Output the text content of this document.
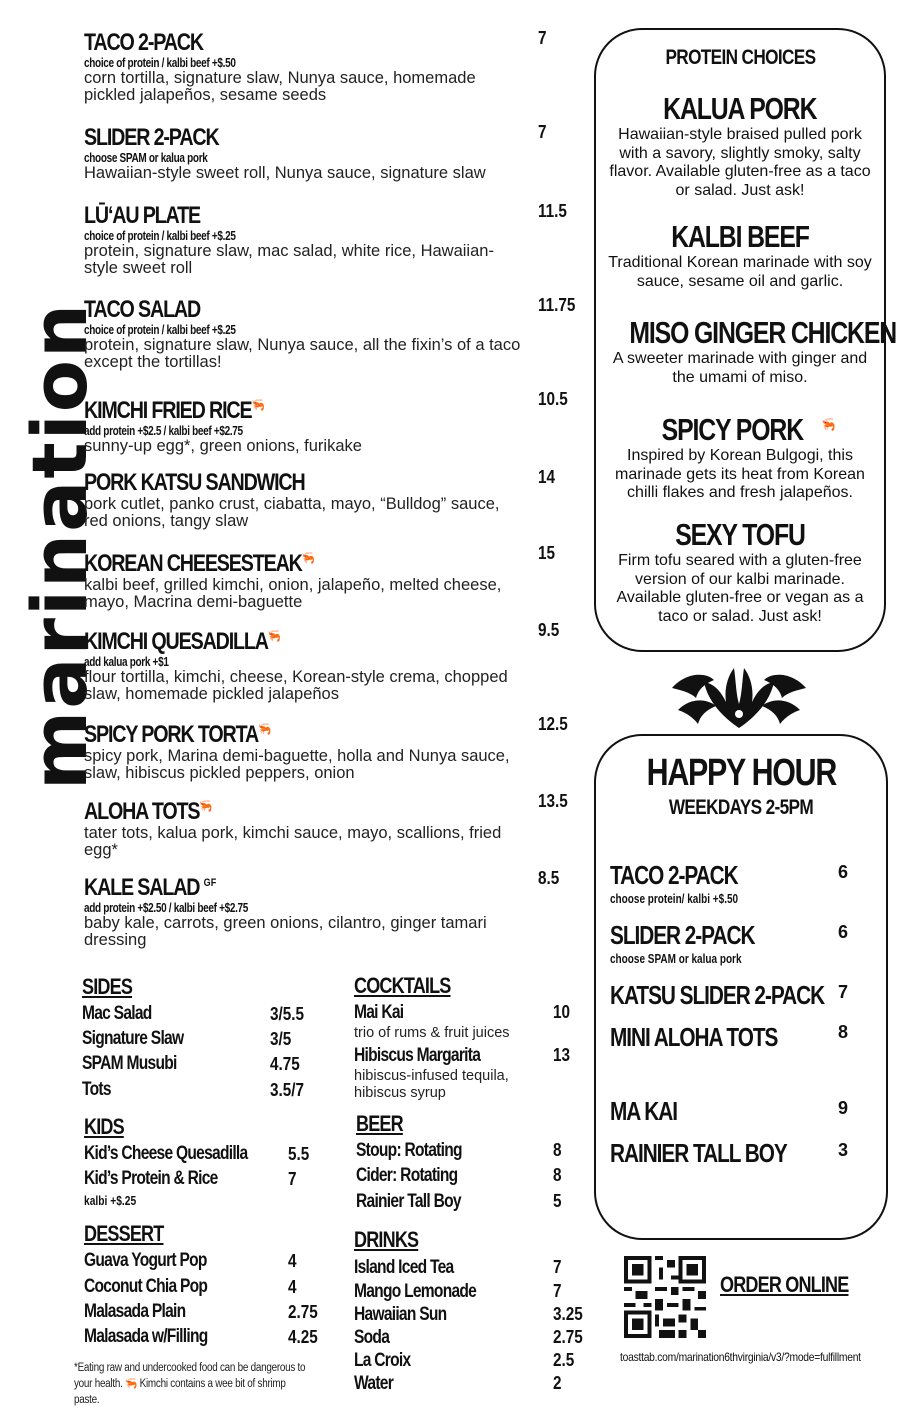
marination
TACO 2-PACK
choice of protein / kalbi beef +$.50
corn tortilla, signature slaw, Nunya sauce, homemade pickled jalapeños, sesame seeds
7
SLIDER 2-PACK
choose SPAM or kalua pork
Hawaiian-style sweet roll, Nunya sauce, signature slaw
7
LŪ‘AU PLATE
choice of protein / kalbi beef +$.25
protein, signature slaw, mac salad, white rice, Hawaiian-style sweet roll
11.5
TACO SALAD
choice of protein / kalbi beef +$.25
protein, signature slaw, Nunya sauce, all the fixin’s of a taco except the tortillas!
11.75
KIMCHI FRIED RICE🦐
add protein +$2.5 / kalbi beef +$2.75
sunny-up egg*, green onions, furikake
10.5
PORK KATSU SANDWICH
pork cutlet, panko crust, ciabatta, mayo, “Bulldog” sauce, red onions, tangy slaw
14
KOREAN CHEESESTEAK🦐
kalbi beef, grilled kimchi, onion, jalapeño, melted cheese, mayo, Macrina demi-baguette
15
KIMCHI QUESADILLA🦐
add kalua pork +$1
flour tortilla, kimchi, cheese, Korean-style crema, chopped slaw, homemade pickled jalapeños
9.5
SPICY PORK TORTA🦐
spicy pork, Marina demi-baguette, holla and Nunya sauce, slaw, hibiscus pickled peppers, onion
12.5
ALOHA TOTS🦐
tater tots, kalua pork, kimchi sauce, mayo, scallions, fried egg*
13.5
KALE SALAD $^{GF}$
add protein +$2.50 / kalbi beef +$2.75
baby kale, carrots, green onions, cilantro, ginger tamari dressing
8.5
SIDES
Mac Salad	3/5.5
Signature Slaw	3/5
SPAM Musubi	4.75
Tots	3.5/7
KIDS
Kid’s Cheese Quesadilla 5.5
Kid’s Protein & Rice	7
kalbi +$.25
DESSERT
Guava Yogurt Pop	4
Coconut Chia Pop	4
Malasada Plain	2.75
Malasada w/Filling	4.25
*Eating raw and undercooked food can be dangerous to
your health. 🦐 Kimchi contains a wee bit of shrimp paste.
COCKTAILS
Mai Kai	10
trio of rums & fruit juices
Hibiscus Margarita	13
hibiscus-infused tequila, hibiscus syrup
BEER
Stoup: Rotating	8
Cider: Rotating	8
Rainier Tall Boy	5
DRINKS
Island Iced Tea	7
Mango Lemonade	7
Hawaiian Sun	3.25
Soda	2.75
La Croix	2.5
Water	2
PROTEIN CHOICES
KALUA PORK
Hawaiian-style braised pulled pork with a savory, slightly smoky, salty flavor. Available gluten-free as a taco or salad. Just ask!
KALBI BEEF
Traditional Korean marinade with soy sauce, sesame oil and garlic.
MISO GINGER CHICKEN
A sweeter marinade with ginger and the umami of miso.
SPICY PORK 🦐
Inspired by Korean Bulgogi, this marinade gets its heat from Korean chilli flakes and fresh jalapeños.
SEXY TOFU
Firm tofu seared with a gluten-free version of our kalbi marinade. Available gluten-free or vegan as a taco or salad. Just ask!
HAPPY HOUR
WEEKDAYS 2-5PM
TACO 2-PACK
choose protein/ kalbi +$.50
6
SLIDER 2-PACK
choose SPAM or kalua pork
6
KATSU SLIDER 2-PACK 7
MINI ALOHA TOTS	8
MA KAI	9
RAINIER TALL BOY	3
ORDER ONLINE
toasttab.com/marination6thvirginia/v3/?mode=fulfillment
